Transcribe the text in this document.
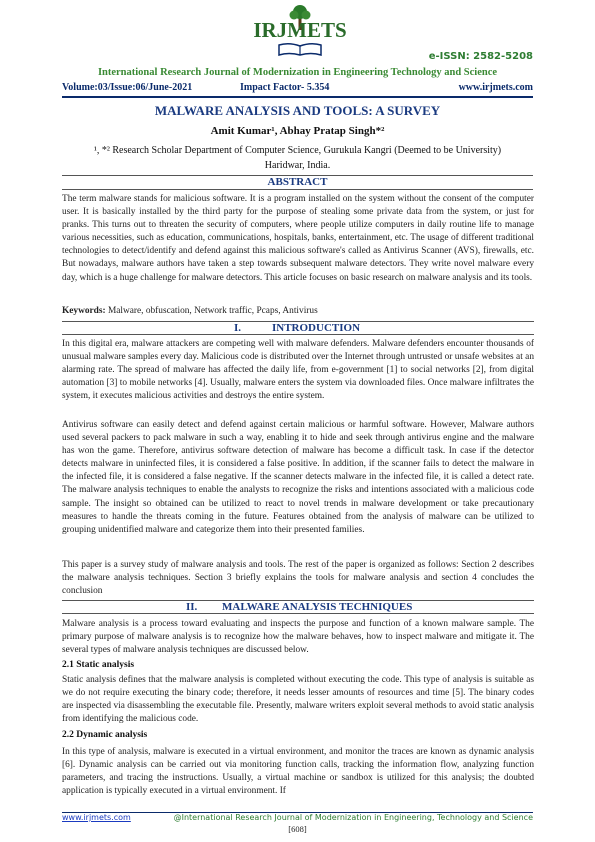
IRJMETS
e-ISSN: 2582-5208
International Research Journal of Modernization in Engineering Technology and Science
Volume:03/Issue:06/June-2021	Impact Factor- 5.354	www.irjmets.com
MALWARE ANALYSIS AND TOOLS: A SURVEY
Amit Kumar¹, Abhay Pratap Singh*²
¹, *² Research Scholar Department of Computer Science, Gurukula Kangri (Deemed to be University) Haridwar, India.
ABSTRACT
The term malware stands for malicious software. It is a program installed on the system without the consent of the computer user. It is basically installed by the third party for the purpose of stealing some private data from the system, or just for pranks. This turns out to threaten the security of computers, where people utilize computers in daily routine life to manage various necessities, such as education, communications, hospitals, banks, entertainment, etc. The usage of different traditional technologies to detect/identify and defend against this malicious software's called as Antivirus Scanner (AVS), firewalls, etc. But nowadays, malware authors have taken a step towards subsequent malware detectors. They write novel malware every day, which is a huge challenge for malware detectors. This article focuses on basic research on malware analysis and its tools.
Keywords: Malware, obfuscation, Network traffic, Pcaps, Antivirus
I.	INTRODUCTION
In this digital era, malware attackers are competing well with malware defenders. Malware defenders encounter thousands of unusual malware samples every day. Malicious code is distributed over the Internet through untrusted or unsafe websites at an alarming rate. The spread of malware has affected the daily life, from e-government [1] to social networks [2], from digital automation [3] to mobile networks [4]. Usually, malware enters the system via downloaded files. Once malware infiltrates the system, it executes malicious activities and destroys the entire system.
Antivirus software can easily detect and defend against certain malicious or harmful software. However, Malware authors used several packers to pack malware in such a way, enabling it to hide and seek through antivirus engine and the malware has won the game. Therefore, antivirus software detection of malware has become a difficult task. In case if the detector detects malware in uninfected files, it is considered a false positive. In addition, if the scanner fails to detect the malware in the infected file, it is considered a false negative. If the scanner detects malware in the infected file, it is called a detect rate. The malware analysis techniques to enable the analysts to recognize the risks and intentions associated with a malicious code sample. The insight so obtained can be utilized to react to novel trends in malware development or take precautionary measures to handle the threats coming in the future. Features obtained from the analysis of malware can be utilized to grouping unidentified malware and categorize them into their presented families.
This paper is a survey study of malware analysis and tools. The rest of the paper is organized as follows: Section 2 describes the malware analysis techniques. Section 3 briefly explains the tools for malware analysis and section 4 concludes the conclusion
II. MALWARE ANALYSIS TECHNIQUES
Malware analysis is a process toward evaluating and inspects the purpose and function of a known malware sample. The primary purpose of malware analysis is to recognize how the malware behaves, how to inspect malware and mitigate it. The several types of malware analysis techniques are discussed below.
2.1 Static analysis
Static analysis defines that the malware analysis is completed without executing the code. This type of analysis is suitable as we do not require executing the binary code; therefore, it needs lesser amounts of resources and time [5]. The binary codes are inspected via disassembling the executable file. Presently, malware writers exploit several methods to avoid static analysis from identifying the malicious code.
2.2 Dynamic analysis
In this type of analysis, malware is executed in a virtual environment, and monitor the traces are known as dynamic analysis [6]. Dynamic analysis can be carried out via monitoring function calls, tracking the information flow, analyzing function parameters, and tracing the instructions. Usually, a virtual machine or sandbox is utilized for this analysis; the doubted application is typically executed in a virtual environment. If
www.irjmets.com	@International Research Journal of Modernization in Engineering, Technology and Science
[608]
